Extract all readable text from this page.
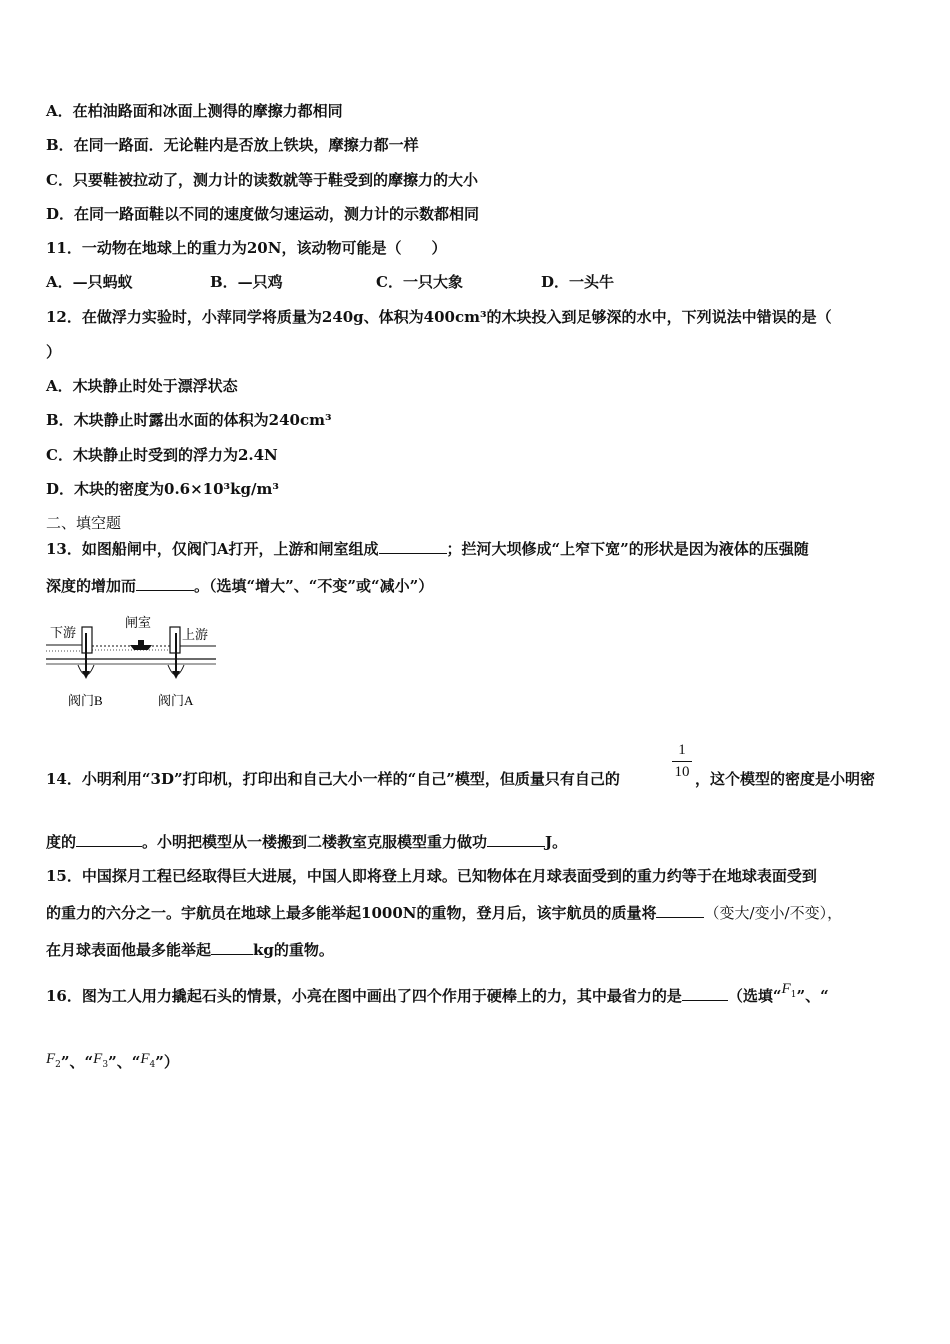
A．在柏油路面和冰面上测得的摩擦力都相同
B．在同一路面．无论鞋内是否放上铁块，摩擦力都一样
C．只要鞋被拉动了，测力计的读数就等于鞋受到的摩擦力的大小
D．在同一路面鞋以不同的速度做匀速运动，测力计的示数都相同
11．一动物在地球上的重力为20N，该动物可能是（　　）
A．—只蚂蚁	B．—只鸡	C．一只大象	D．一头牛
12．在做浮力实验时，小萍同学将质量为240g、体积为400cm³的木块投入到足够深的水中，下列说法中错误的是（
）
A．木块静止时处于漂浮状态
B．木块静止时露出水面的体积为240cm³
C．木块静止时受到的浮力为2.4N
D．木块的密度为0.6×10³kg/m³
二、填空题
13．如图船闸中，仅阀门A打开，上游和闸室组成	；拦河大坝修成“上窄下宽”的形状是因为液体的压强随
深度的增加而	。（选填“增大”、“不变”或“减小”）
下游
闸室
上游
阀门B	阀门A
1
10
14．小明利用“3D”打印机，打印出和自己大小一样的“自己”模型，但质量只有自己的	，这个模型的密度是小明密
度的	。小明把模型从一楼搬到二楼教室克服模型重力做功	J。
15．中国探月工程已经取得巨大进展，中国人即将登上月球。已知物体在月球表面受到的重力约等于在地球表面受到
的重力的六分之一。宇航员在地球上最多能举起1000N的重物，登月后，该宇航员的质量将	（变大/变小/不变），
在月球表面他最多能举起	kg的重物。
16．图为工人用力撬起石头的情景，小亮在图中画出了四个作用于硬棒上的力，其中最省力的是	（选填“$F_1$”、“
$F_2$”、“$F_3$”、“$F_4$”）
